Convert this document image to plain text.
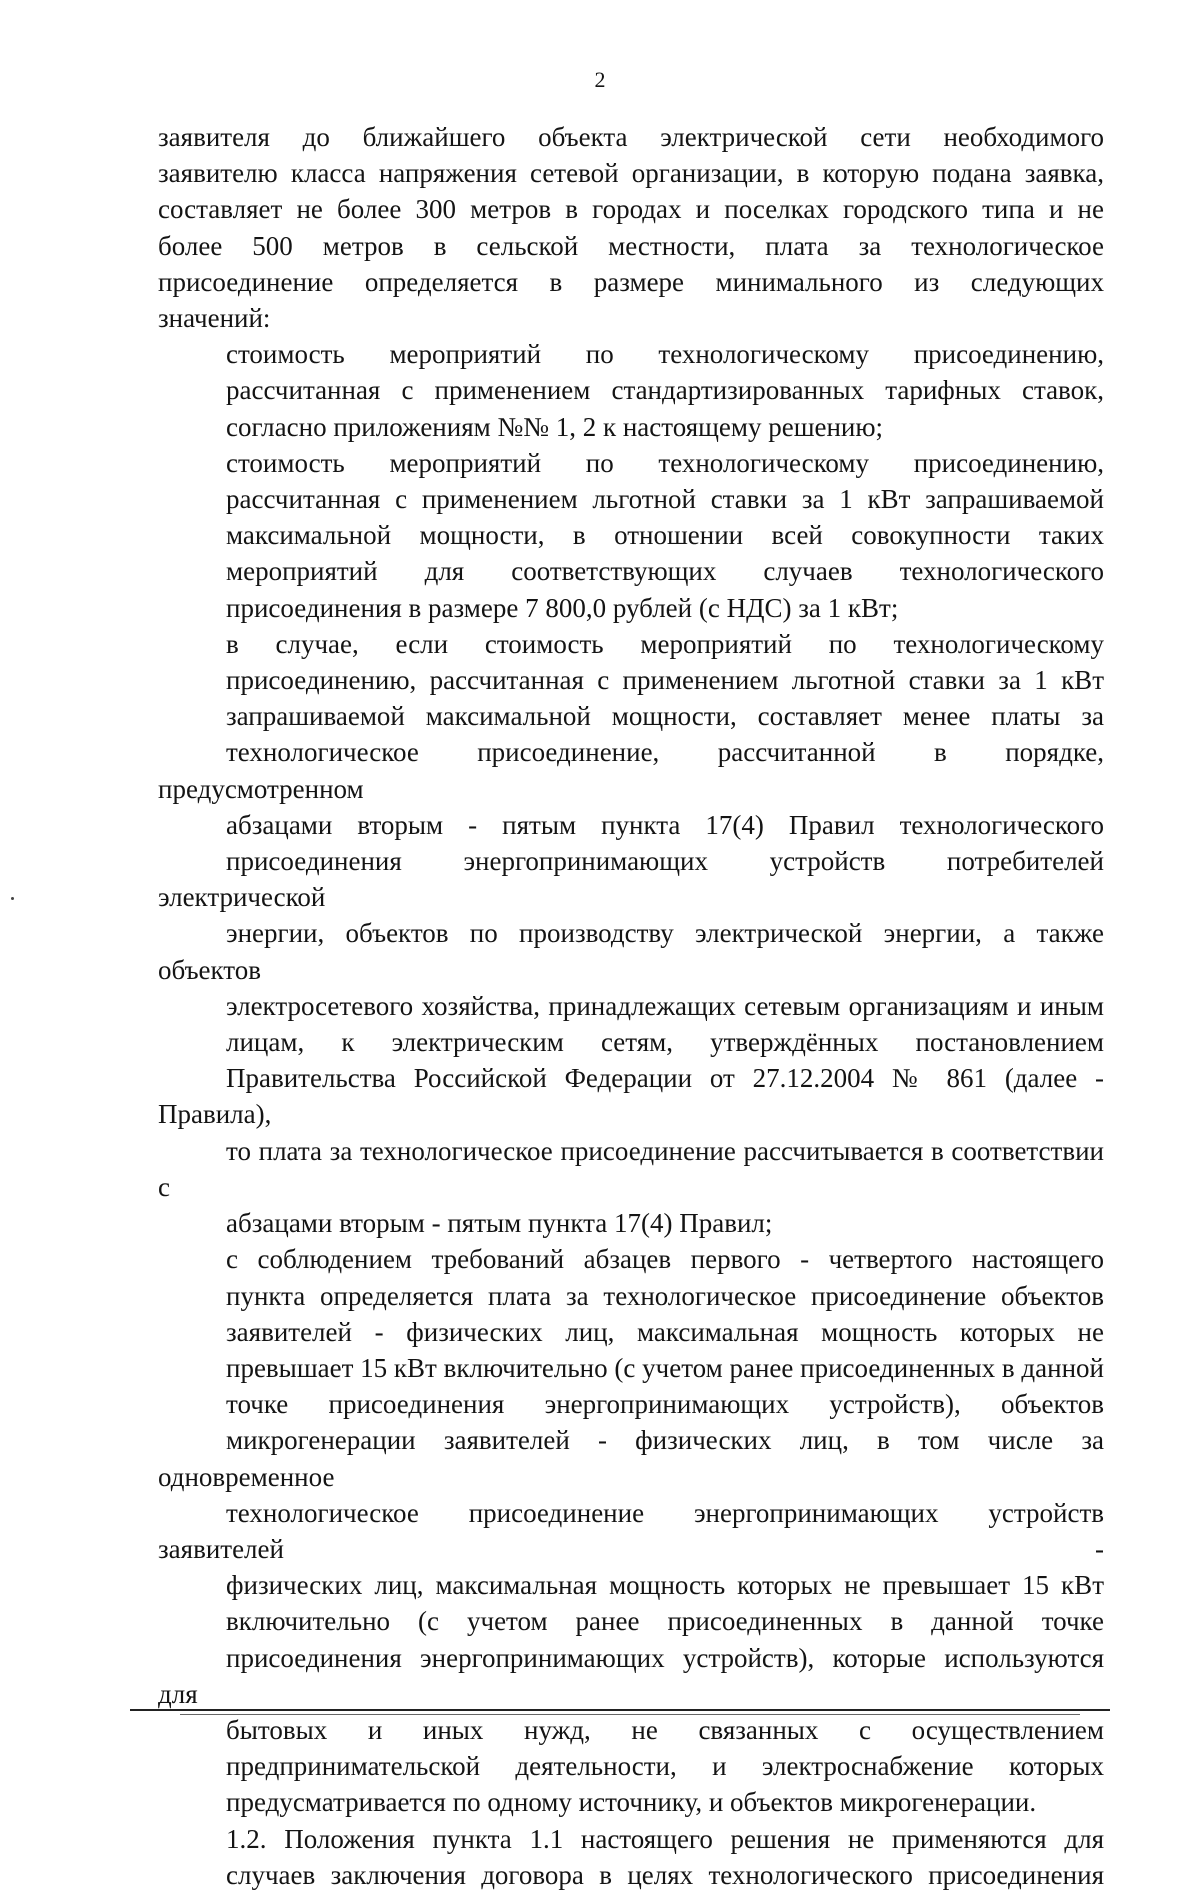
2

заявителя до ближайшего объекта электрической сети необходимого
заявителю класса напряжения сетевой организации, в которую подана заявка,
составляет не более 300 метров в городах и поселках городского типа и не
более 500 метров в сельской местности, плата за технологическое
присоединение определяется в размере минимального из следующих
значений:

стоимость мероприятий по технологическому присоединению,
рассчитанная с применением стандартизированных тарифных ставок,
согласно приложениям №№ 1, 2 к настоящему решению;

стоимость мероприятий по технологическому присоединению,
рассчитанная с применением льготной ставки за 1 кВт запрашиваемой
максимальной мощности, в отношении всей совокупности таких
мероприятий для соответствующих случаев технологического
присоединения в размере 7 800,0 рублей (с НДС) за 1 кВт;

в случае, если стоимость мероприятий по технологическому
присоединению, рассчитанная с применением льготной ставки за 1 кВт
запрашиваемой максимальной мощности, составляет менее платы за
технологическое присоединение, рассчитанной в порядке, предусмотренном
абзацами вторым - пятым пункта 17(4) Правил технологического
присоединения энергопринимающих устройств потребителей электрической
энергии, объектов по производству электрической энергии, а также объектов
электросетевого хозяйства, принадлежащих сетевым организациям и иным
лицам, к электрическим сетям, утверждённых постановлением
Правительства Российской Федерации от 27.12.2004 № 861 (далее - Правила),
то плата за технологическое присоединение рассчитывается в соответствии с
абзацами вторым - пятым пункта 17(4) Правил;

с соблюдением требований абзацев первого - четвертого настоящего
пункта определяется плата за технологическое присоединение объектов
заявителей - физических лиц, максимальная мощность которых не
превышает 15 кВт включительно (с учетом ранее присоединенных в данной
точке присоединения энергопринимающих устройств), объектов
микрогенерации заявителей - физических лиц, в том числе за одновременное
технологическое присоединение энергопринимающих устройств заявителей -
физических лиц, максимальная мощность которых не превышает 15 кВт
включительно (с учетом ранее присоединенных в данной точке
присоединения энергопринимающих устройств), которые используются для
бытовых и иных нужд, не связанных с осуществлением
предпринимательской деятельности, и электроснабжение которых
предусматривается по одному источнику, и объектов микрогенерации.

1.2. Положения пункта 1.1 настоящего решения не применяются для
случаев заключения договора в целях технологического присоединения
